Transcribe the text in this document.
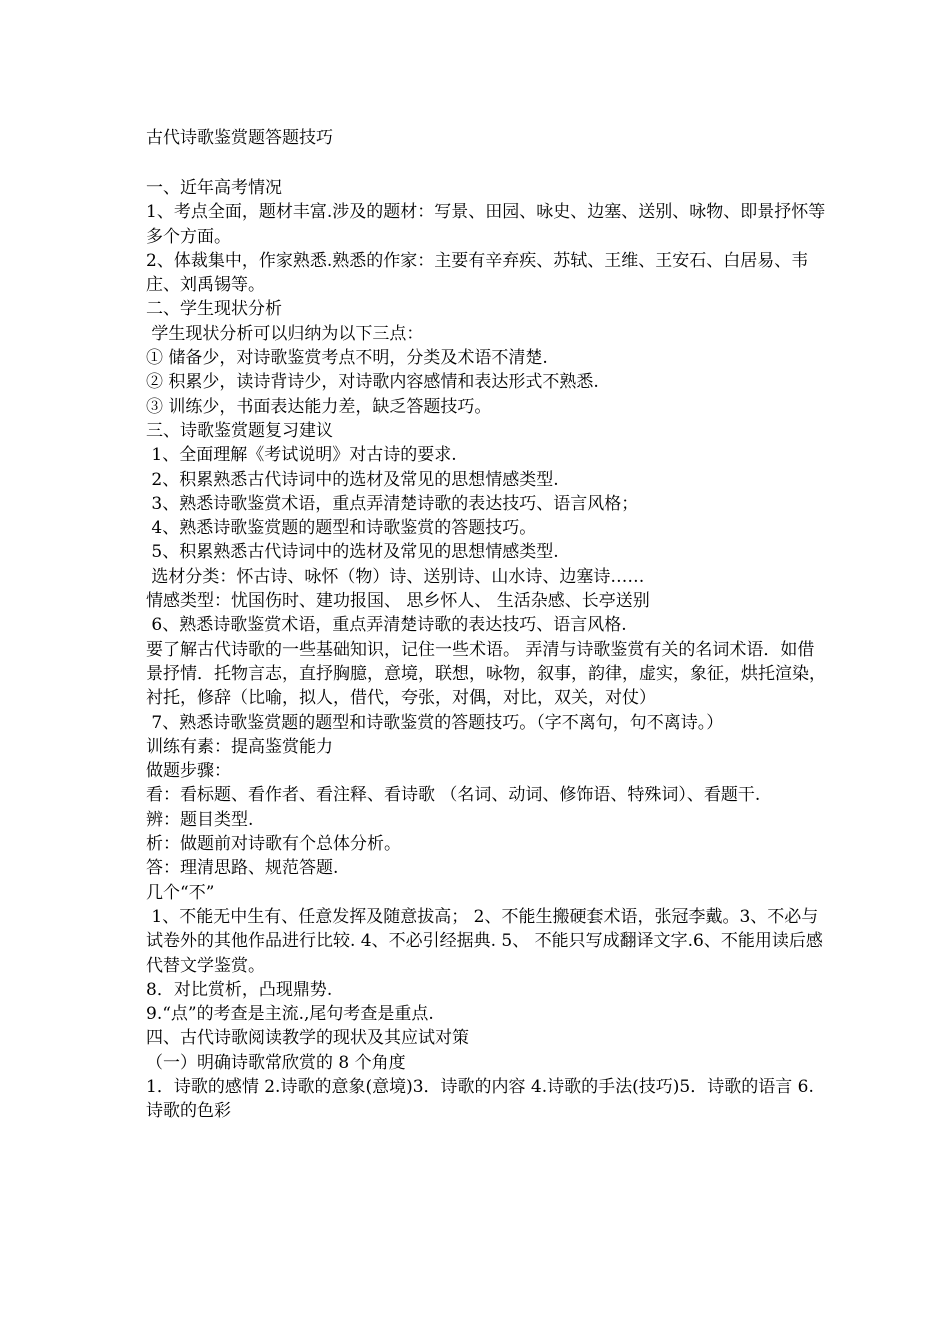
古代诗歌鉴赏题答题技巧

一、近年高考情况

1、考点全面，题材丰富.涉及的题材：写景、田园、咏史、边塞、送别、咏物、即景抒怀等多个方面。

2、体裁集中，作家熟悉.熟悉的作家：主要有辛弃疾、苏轼、王维、王安石、白居易、韦庄、刘禹锡等。

二、学生现状分析

学生现状分析可以归纳为以下三点：

① 储备少，对诗歌鉴赏考点不明，分类及术语不清楚.

② 积累少，读诗背诗少，对诗歌内容感情和表达形式不熟悉.

③ 训练少，书面表达能力差，缺乏答题技巧。

三、诗歌鉴赏题复习建议

1、全面理解《考试说明》对古诗的要求.

2、积累熟悉古代诗词中的选材及常见的思想情感类型.

3、熟悉诗歌鉴赏术语，重点弄清楚诗歌的表达技巧、语言风格；

4、熟悉诗歌鉴赏题的题型和诗歌鉴赏的答题技巧。

5、积累熟悉古代诗词中的选材及常见的思想情感类型.

选材分类：怀古诗、咏怀（物）诗、送别诗、山水诗、边塞诗……

情感类型：忧国伤时、建功报国、 思乡怀人、 生活杂感、长亭送别

6、熟悉诗歌鉴赏术语，重点弄清楚诗歌的表达技巧、语言风格.

要了解古代诗歌的一些基础知识，记住一些术语。 弄清与诗歌鉴赏有关的名词术语．如借景抒情．托物言志，直抒胸臆，意境，联想，咏物，叙事，韵律，虚实，象征，烘托渲染，衬托，修辞（比喻，拟人，借代，夸张，对偶，对比，双关，对仗）

7、熟悉诗歌鉴赏题的题型和诗歌鉴赏的答题技巧。（字不离句，句不离诗。）

训练有素：提高鉴赏能力

做题步骤：

看：看标题、看作者、看注释、看诗歌 （名词、动词、修饰语、特殊词）、看题干.

辨：题目类型.

析：做题前对诗歌有个总体分析。

答：理清思路、规范答题.

几个“不”

1、不能无中生有、任意发挥及随意拔高； 2、不能生搬硬套术语，张冠李戴。3、不必与试卷外的其他作品进行比较. 4、不必引经据典. 5、 不能只写成翻译文字.6、不能用读后感代替文学鉴赏。

8．对比赏析，凸现鼎势.

9.“点”的考查是主流.,尾句考查是重点.

四、古代诗歌阅读教学的现状及其应试对策

（一）明确诗歌常欣赏的 8 个角度

1．诗歌的感情 2.诗歌的意象(意境)3．诗歌的内容 4.诗歌的手法(技巧)5．诗歌的语言 6.诗歌的色彩
